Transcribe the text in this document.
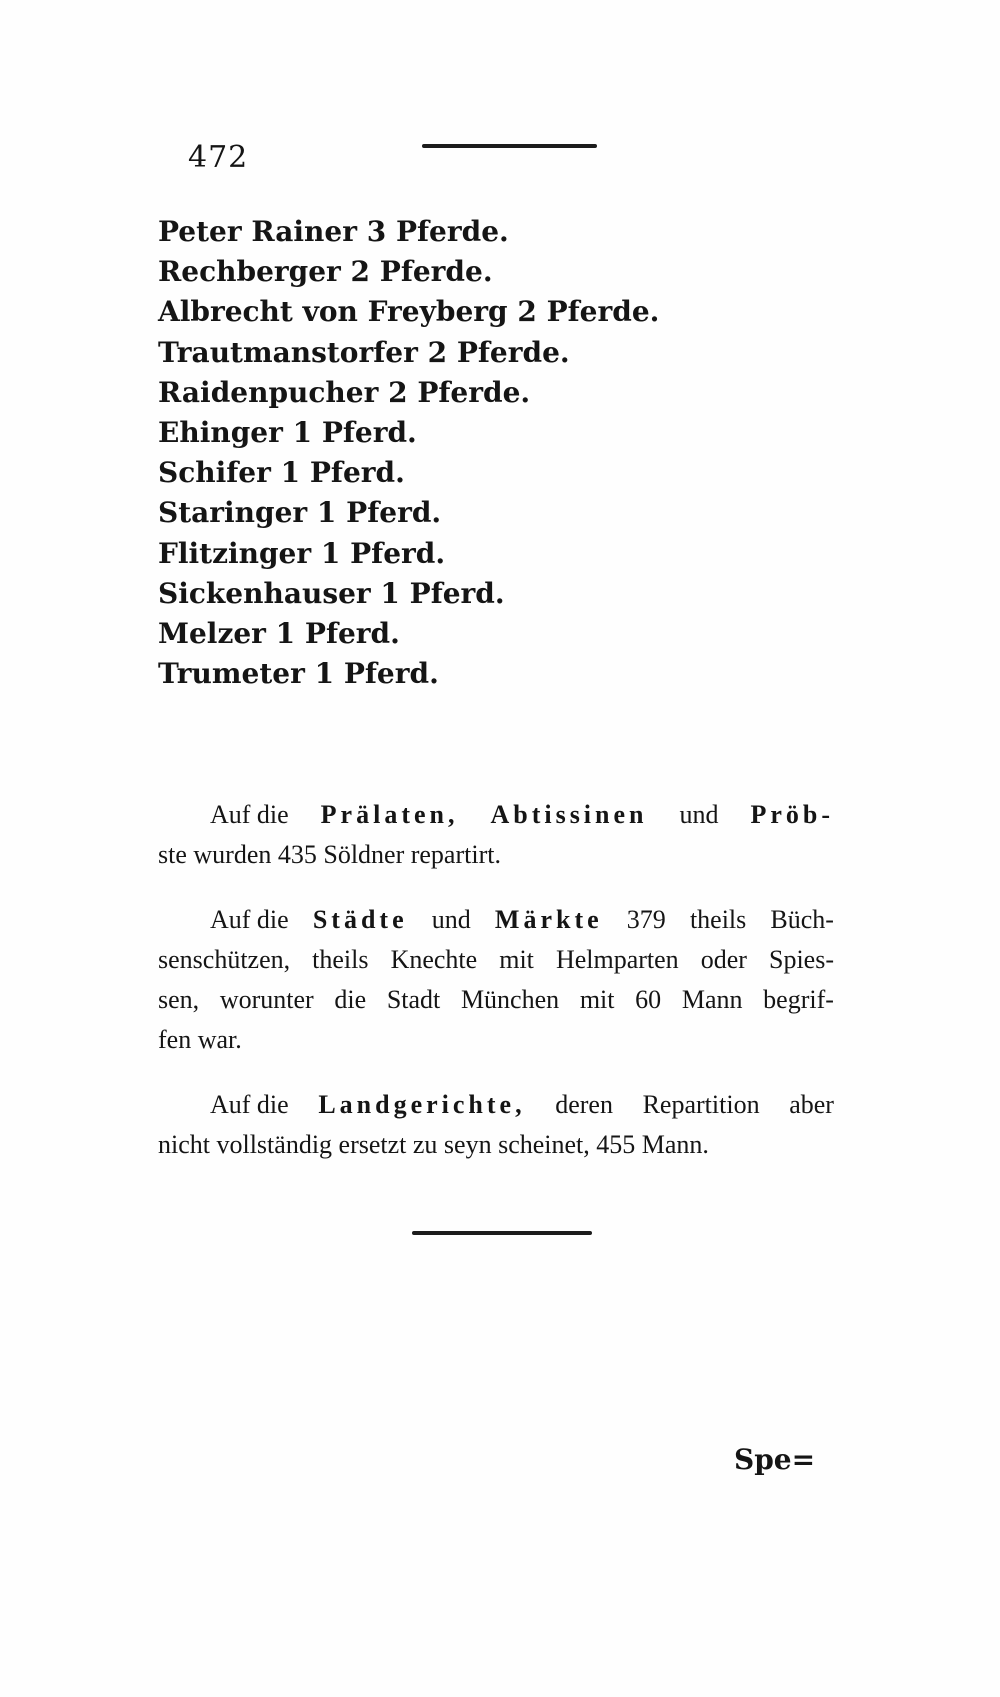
472
Peter Rainer 3 Pferde.
Rechberger 2 Pferde.
Albrecht von Freyberg 2 Pferde.
Trautmanstorfer 2 Pferde.
Raidenpucher 2 Pferde.
Ehinger 1 Pferd.
Schifer 1 Pferd.
Staringer 1 Pferd.
Flitzinger 1 Pferd.
Sickenhauser 1 Pferd.
Melzer 1 Pferd.
Trumeter 1 Pferd.
Auf die Prälaten, Abtissinen und Pröb-
ste wurden 435 Söldner repartirt.
Auf die Städte und Märkte 379 theils Büch-
senschützen, theils Knechte mit Helmparten oder Spies-
sen, worunter die Stadt München mit 60 Mann begrif-
fen war.
Auf die Landgerichte, deren Repartition aber
nicht vollständig ersetzt zu seyn scheinet, 455 Mann.
Spe=
